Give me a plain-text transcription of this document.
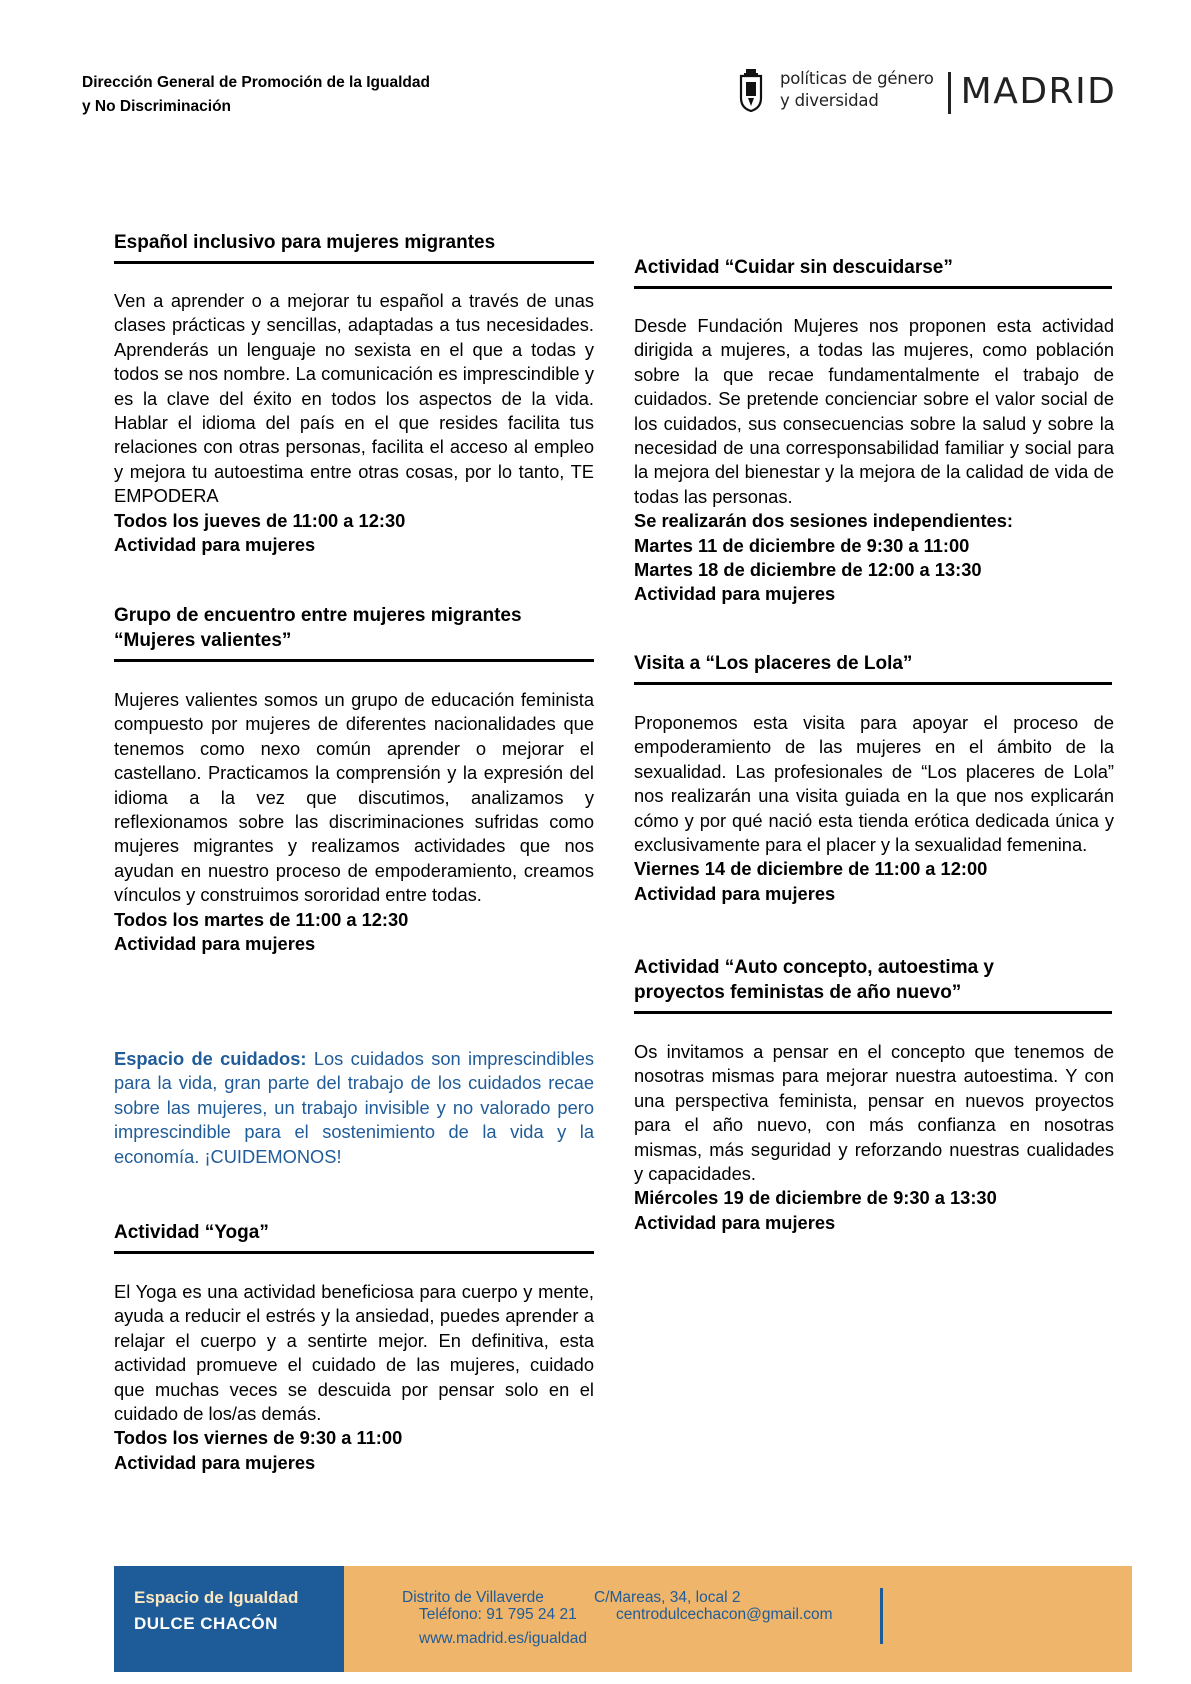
Dirección General de Promoción de la Igualdad
y No Discriminación
políticas de género
y diversidad	MADRID
Español inclusivo para mujeres migrantes
Ven a aprender o a mejorar tu español a través de unas clases prácticas y sencillas, adaptadas a tus necesidades. Aprenderás un lenguaje no sexista en el que a todas y todos se nos nombre. La comunicación es imprescindible y es la clave del éxito en todos los aspectos de la vida. Hablar el idioma del país en el que resides facilita tus relaciones con otras personas, facilita el acceso al empleo y mejora tu autoestima entre otras cosas, por lo tanto, TE EMPODERA
Todos los jueves de 11:00 a 12:30
Actividad para mujeres
Grupo de encuentro entre mujeres migrantes
“Mujeres valientes”
Mujeres valientes somos un grupo de educación feminista compuesto por mujeres de diferentes nacionalidades que tenemos como nexo común aprender o mejorar el castellano. Practicamos la comprensión y la expresión del idioma a la vez que discutimos, analizamos y reflexionamos sobre las discriminaciones sufridas como mujeres migrantes y realizamos actividades que nos ayudan en nuestro proceso de empoderamiento, creamos vínculos y construimos sororidad entre todas.
Todos los martes de 11:00 a 12:30
Actividad para mujeres
Espacio de cuidados: Los cuidados son imprescindibles para la vida, gran parte del trabajo de los cuidados recae sobre las mujeres, un trabajo invisible y no valorado pero imprescindible para el sostenimiento de la vida y la economía. ¡CUIDEMONOS!
Actividad “Yoga”
El Yoga es una actividad beneficiosa para cuerpo y mente, ayuda a reducir el estrés y la ansiedad, puedes aprender a relajar el cuerpo y a sentirte mejor. En definitiva, esta actividad promueve el cuidado de las mujeres, cuidado que muchas veces se descuida por pensar solo en el cuidado de los/as demás.
Todos los viernes de 9:30 a 11:00
Actividad para mujeres
Actividad “Cuidar sin descuidarse”
Desde Fundación Mujeres nos proponen esta actividad dirigida a mujeres, a todas las mujeres, como población sobre la que recae fundamentalmente el trabajo de cuidados. Se pretende concienciar sobre el valor social de los cuidados, sus consecuencias sobre la salud y sobre la necesidad de una corresponsabilidad familiar y social para la mejora del bienestar y la mejora de la calidad de vida de todas las personas.
Se realizarán dos sesiones independientes:
Martes 11 de diciembre de 9:30 a 11:00
Martes 18 de diciembre de 12:00 a 13:30
Actividad para mujeres
Visita a “Los placeres de Lola”
Proponemos esta visita para apoyar el proceso de empoderamiento de las mujeres en el ámbito de la sexualidad. Las profesionales de “Los placeres de Lola” nos realizarán una visita guiada en la que nos explicarán cómo y por qué nació esta tienda erótica dedicada única y exclusivamente para el placer y la sexualidad femenina.
Viernes 14 de diciembre de 11:00 a 12:00
Actividad para mujeres
Actividad “Auto concepto, autoestima y
proyectos feministas de año nuevo”
Os invitamos a pensar en el concepto que tenemos de nosotras mismas para mejorar nuestra autoestima. Y con una perspectiva feminista, pensar en nuevos proyectos para el año nuevo, con más confianza en nosotras mismas, más seguridad y reforzando nuestras cualidades y capacidades.
Miércoles 19 de diciembre de 9:30 a 13:30
Actividad para mujeres
Espacio de Igualdad
DULCE CHACÓN
Distrito de Villaverde	C/Mareas, 34, local 2
Teléfono: 91 795 24 21	centrodulcechacon@gmail.com
www.madrid.es/igualdad
